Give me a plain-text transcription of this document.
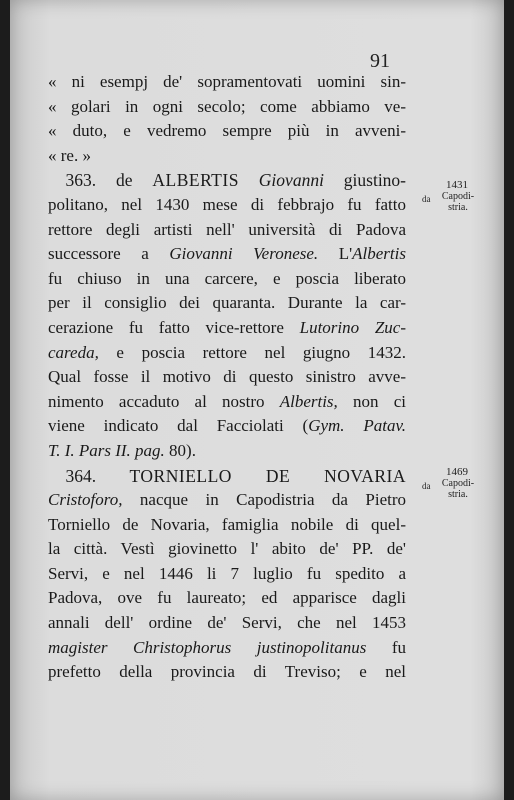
91
« ni esempj de' sopramentovati uomini sin-
« golari in ogni secolo; come abbiamo ve-
« duto, e vedremo sempre più in avveni-
« re. »
 363. de ALBERTIS Giovanni giustino-
politano, nel 1430 mese di febbrajo fu fatto
rettore degli artisti nell' università di Padova
successore a Giovanni Veronese. L'Albertis
fu chiuso in una carcere, e poscia liberato
per il consiglio dei quaranta. Durante la car-
cerazione fu fatto vice-rettore Lutorino Zuc-
careda, e poscia rettore nel giugno 1432.
Qual fosse il motivo di questo sinistro avve-
nimento accaduto al nostro Albertis, non ci
viene indicato dal Facciolati (Gym. Patav.
T. I. Pars II. pag. 80).
 364. TORNIELLO DE NOVARIA
Cristoforo, nacque in Capodistria da Pietro
Torniello de Novaria, famiglia nobile di quel-
la città. Vestì giovinetto l' abito de' PP. de'
Servi, e nel 1446 li 7 luglio fu spedito a
Padova, ove fu laureato; ed apparisce dagli
annali dell' ordine de' Servi, che nel 1453
magister Christophorus justinopolitanus fu
prefetto della provincia di Treviso; e nel
1431
da	Capodi-
stria.
1469
da	Capodi-
stria.
